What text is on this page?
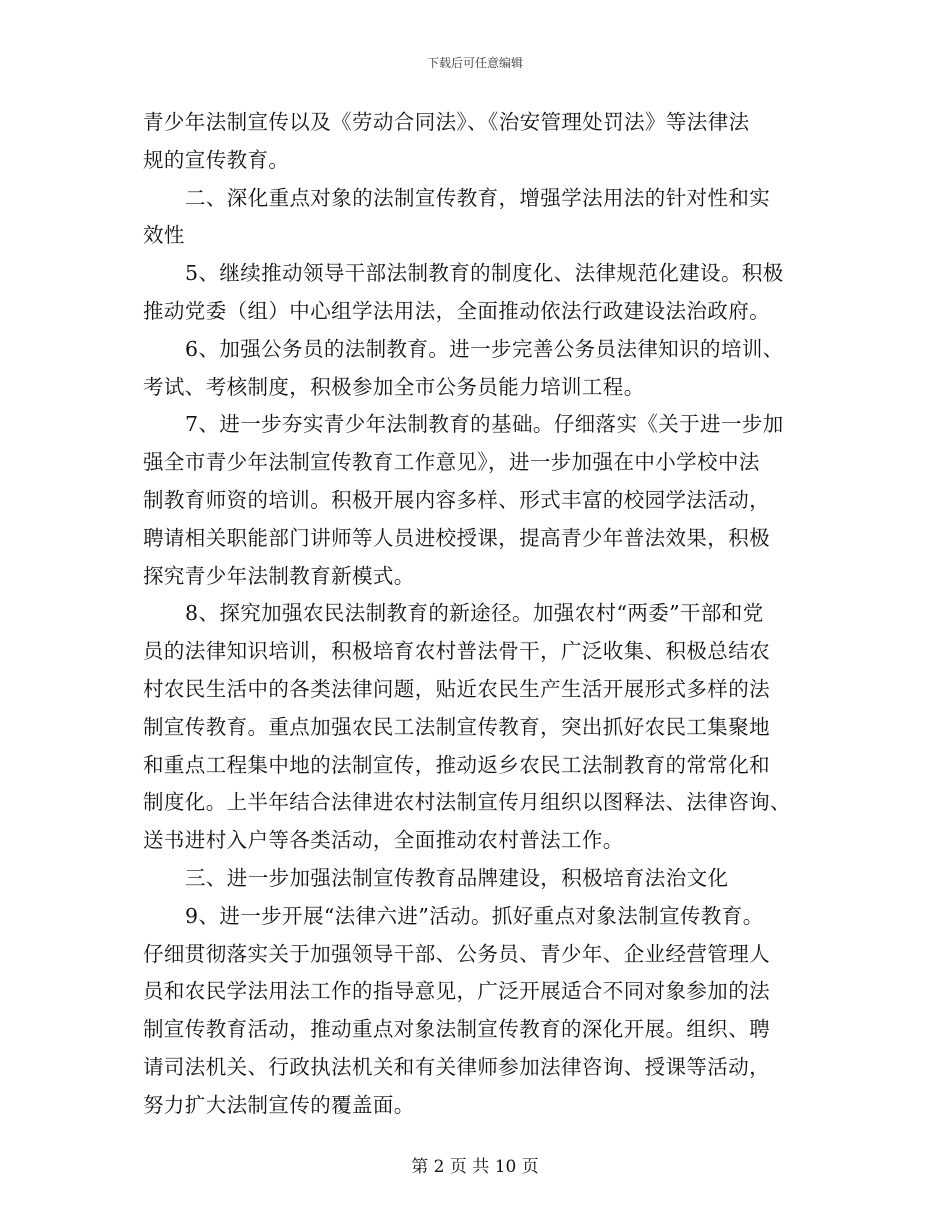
下载后可任意编辑
青少年法制宣传以及《劳动合同法》、《治安管理处罚法》等法律法
规的宣传教育。
二、深化重点对象的法制宣传教育，增强学法用法的针对性和实
效性
5、继续推动领导干部法制教育的制度化、法律规范化建设。积极
推动党委（组）中心组学法用法，全面推动依法行政建设法治政府。
6、加强公务员的法制教育。进一步完善公务员法律知识的培训、
考试、考核制度，积极参加全市公务员能力培训工程。
7、进一步夯实青少年法制教育的基础。仔细落实《关于进一步加
强全市青少年法制宣传教育工作意见》，进一步加强在中小学校中法
制教育师资的培训。积极开展内容多样、形式丰富的校园学法活动，
聘请相关职能部门讲师等人员进校授课，提高青少年普法效果，积极
探究青少年法制教育新模式。
8、探究加强农民法制教育的新途径。加强农村“两委”干部和党
员的法律知识培训，积极培育农村普法骨干，广泛收集、积极总结农
村农民生活中的各类法律问题，贴近农民生产生活开展形式多样的法
制宣传教育。重点加强农民工法制宣传教育，突出抓好农民工集聚地
和重点工程集中地的法制宣传，推动返乡农民工法制教育的常常化和
制度化。上半年结合法律进农村法制宣传月组织以图释法、法律咨询、
送书进村入户等各类活动，全面推动农村普法工作。
三、进一步加强法制宣传教育品牌建设，积极培育法治文化
9、进一步开展“法律六进”活动。抓好重点对象法制宣传教育。
仔细贯彻落实关于加强领导干部、公务员、青少年、企业经营管理人
员和农民学法用法工作的指导意见，广泛开展适合不同对象参加的法
制宣传教育活动，推动重点对象法制宣传教育的深化开展。组织、聘
请司法机关、行政执法机关和有关律师参加法律咨询、授课等活动，
努力扩大法制宣传的覆盖面。
第 2 页 共 10 页
